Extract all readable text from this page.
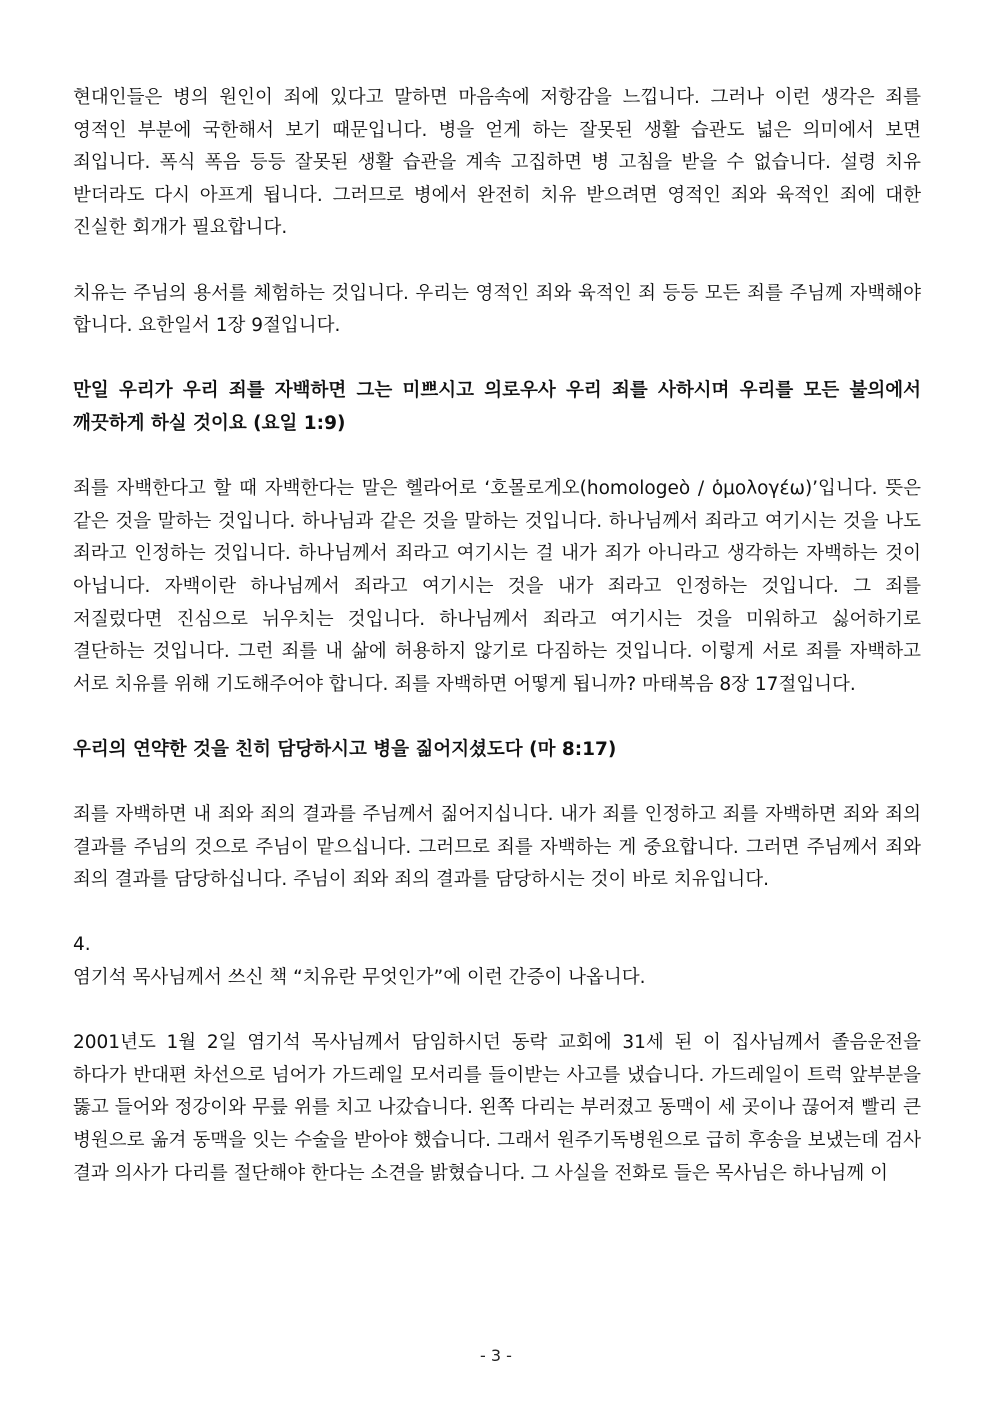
현대인들은 병의 원인이 죄에 있다고 말하면 마음속에 저항감을 느낍니다. 그러나 이런 생각은 죄를 영적인 부분에 국한해서 보기 때문입니다. 병을 얻게 하는 잘못된 생활 습관도 넓은 의미에서 보면 죄입니다. 폭식 폭음 등등 잘못된 생활 습관을 계속 고집하면 병 고침을 받을 수 없습니다. 설령 치유 받더라도 다시 아프게 됩니다. 그러므로 병에서 완전히 치유 받으려면 영적인 죄와 육적인 죄에 대한 진실한 회개가 필요합니다.

치유는 주님의 용서를 체험하는 것입니다. 우리는 영적인 죄와 육적인 죄 등등 모든 죄를 주님께 자백해야 합니다. 요한일서 1장 9절입니다.

만일 우리가 우리 죄를 자백하면 그는 미쁘시고 의로우사 우리 죄를 사하시며 우리를 모든 불의에서 깨끗하게 하실 것이요 (요일 1:9)

죄를 자백한다고 할 때 자백한다는 말은 헬라어로 ‘호몰로게오(homologeò / ὁμολογέω)’입니다. 뜻은 같은 것을 말하는 것입니다. 하나님과 같은 것을 말하는 것입니다. 하나님께서 죄라고 여기시는 것을 나도 죄라고 인정하는 것입니다. 하나님께서 죄라고 여기시는 걸 내가 죄가 아니라고 생각하는 자백하는 것이 아닙니다. 자백이란 하나님께서 죄라고 여기시는 것을 내가 죄라고 인정하는 것입니다. 그 죄를 저질렀다면 진심으로 뉘우치는 것입니다. 하나님께서 죄라고 여기시는 것을 미워하고 싫어하기로 결단하는 것입니다. 그런 죄를 내 삶에 허용하지 않기로 다짐하는 것입니다. 이렇게 서로 죄를 자백하고 서로 치유를 위해 기도해주어야 합니다. 죄를 자백하면 어떻게 됩니까? 마태복음 8장 17절입니다.

우리의 연약한 것을 친히 담당하시고 병을 짊어지셨도다 (마 8:17)

죄를 자백하면 내 죄와 죄의 결과를 주님께서 짊어지십니다. 내가 죄를 인정하고 죄를 자백하면 죄와 죄의 결과를 주님의 것으로 주님이 맡으십니다. 그러므로 죄를 자백하는 게 중요합니다. 그러면 주님께서 죄와 죄의 결과를 담당하십니다. 주님이 죄와 죄의 결과를 담당하시는 것이 바로 치유입니다.

4.

염기석 목사님께서 쓰신 책 “치유란 무엇인가”에 이런 간증이 나옵니다.

2001년도 1월 2일 염기석 목사님께서 담임하시던 동락 교회에 31세 된 이 집사님께서 졸음운전을 하다가 반대편 차선으로 넘어가 가드레일 모서리를 들이받는 사고를 냈습니다. 가드레일이 트럭 앞부분을 뚫고 들어와 정강이와 무릎 위를 치고 나갔습니다. 왼쪽 다리는 부러졌고 동맥이 세 곳이나 끊어져 빨리 큰 병원으로 옮겨 동맥을 잇는 수술을 받아야 했습니다. 그래서 원주기독병원으로 급히 후송을 보냈는데 검사 결과 의사가 다리를 절단해야 한다는 소견을 밝혔습니다. 그 사실을 전화로 들은 목사님은 하나님께 이

- 3 -
